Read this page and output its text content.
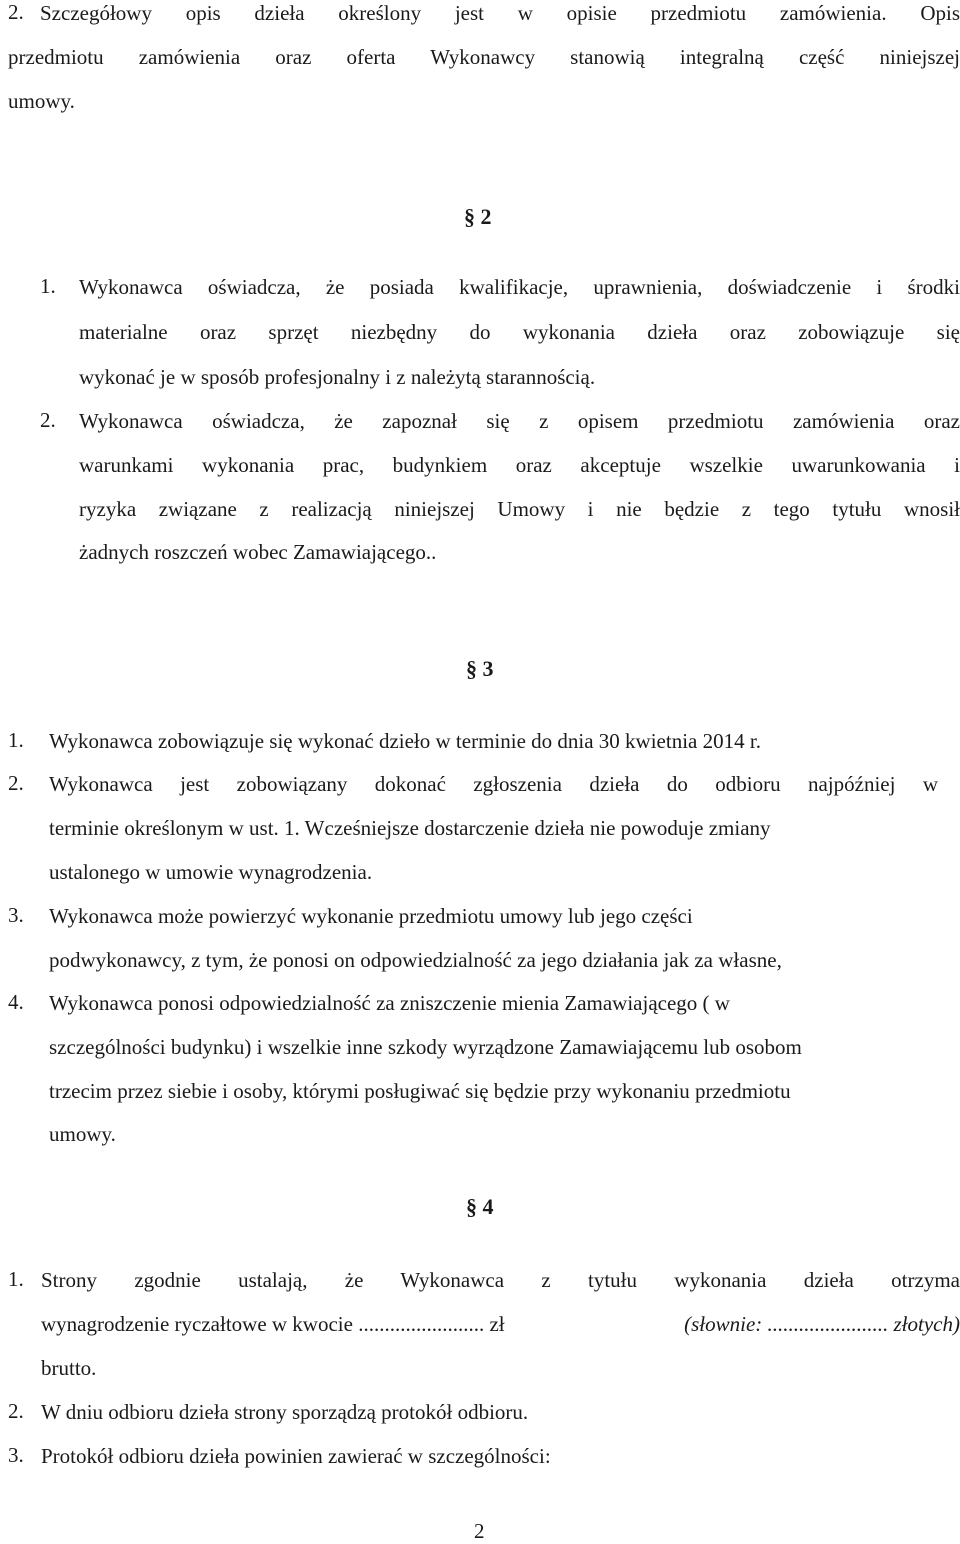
2. Szczegółowy opis dzieła określony jest w opisie przedmiotu zamówienia. Opis
przedmiotu zamówienia oraz oferta Wykonawcy stanowią integralną część niniejszej
umowy.
§ 2
1. Wykonawca oświadcza, że posiada kwalifikacje, uprawnienia, doświadczenie i środki
materialne oraz sprzęt niezbędny do wykonania dzieła oraz zobowiązuje się
wykonać je w sposób profesjonalny i z należytą starannością.
2. Wykonawca oświadcza, że zapoznał się z opisem przedmiotu zamówienia oraz
warunkami wykonania prac, budynkiem oraz akceptuje wszelkie uwarunkowania i
ryzyka związane z realizacją niniejszej Umowy i nie będzie z tego tytułu wnosił
żadnych roszczeń wobec Zamawiającego..
§ 3
1. Wykonawca zobowiązuje się wykonać dzieło w terminie do dnia 30 kwietnia 2014 r.
2. Wykonawca jest zobowiązany dokonać zgłoszenia dzieła do odbioru najpóźniej w
terminie określonym w ust. 1. Wcześniejsze dostarczenie dzieła nie powoduje zmiany
ustalonego w umowie wynagrodzenia.
3. Wykonawca może powierzyć wykonanie przedmiotu umowy lub jego części
podwykonawcy, z tym, że ponosi on odpowiedzialność za jego działania jak za własne,
4. Wykonawca ponosi odpowiedzialność za zniszczenie mienia Zamawiającego ( w
szczególności budynku) i wszelkie inne szkody wyrządzone Zamawiającemu lub osobom
trzecim przez siebie i osoby, którymi posługiwać się będzie przy wykonaniu przedmiotu
umowy.
§ 4
1. Strony zgodnie ustalają, że Wykonawca z tytułu wykonania dzieła otrzyma
wynagrodzenie ryczałtowe w kwocie ........................ zł	(słownie: ....................... złotych)
brutto.
2. W dniu odbioru dzieła strony sporządzą protokół odbioru.
3. Protokół odbioru dzieła powinien zawierać w szczególności:
2
